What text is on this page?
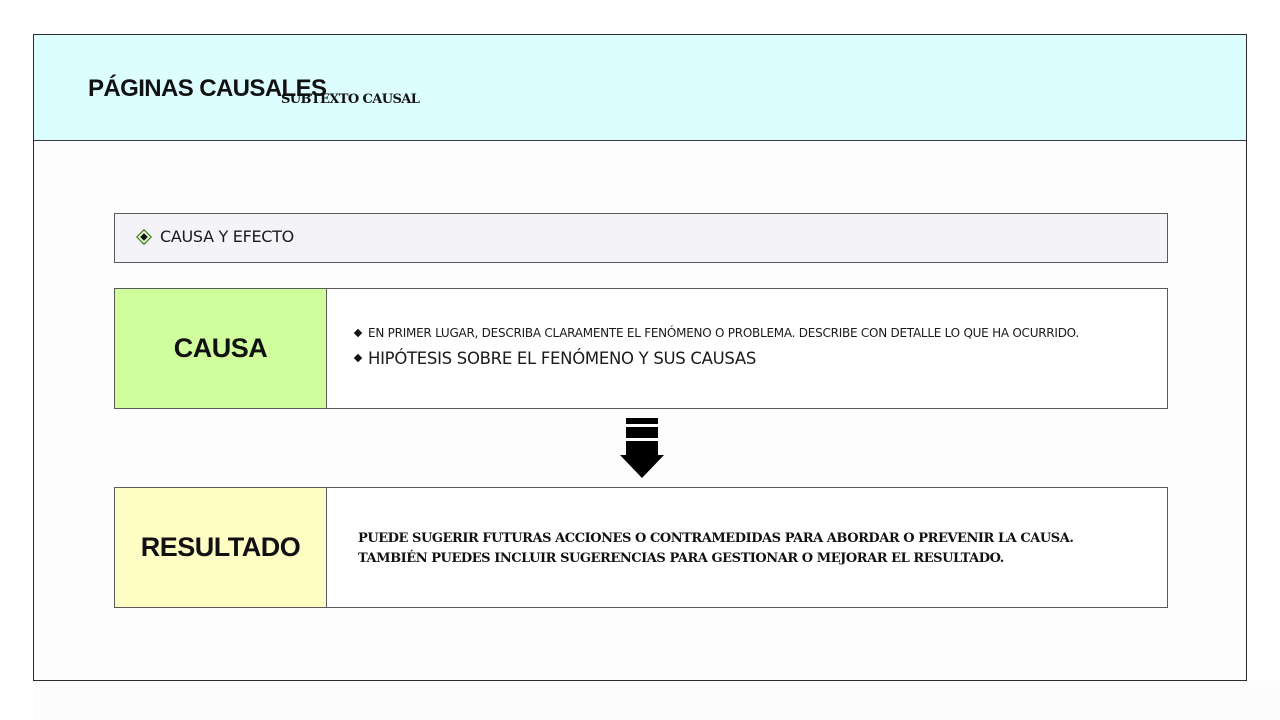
PÁGINAS CAUSALES
SUBTEXTO CAUSAL
CAUSA Y EFECTO
CAUSA	EN PRIMER LUGAR, DESCRIBA CLARAMENTE EL FENÓMENO O PROBLEMA. DESCRIBE CON DETALLE LO QUE HA OCURRIDO.
HIPÓTESIS SOBRE EL FENÓMENO Y SUS CAUSAS
RESULTADO	PUEDE SUGERIR FUTURAS ACCIONES O CONTRAMEDIDAS PARA ABORDAR O PREVENIR LA CAUSA.
TAMBIÉN PUEDES INCLUIR SUGERENCIAS PARA GESTIONAR O MEJORAR EL RESULTADO.
